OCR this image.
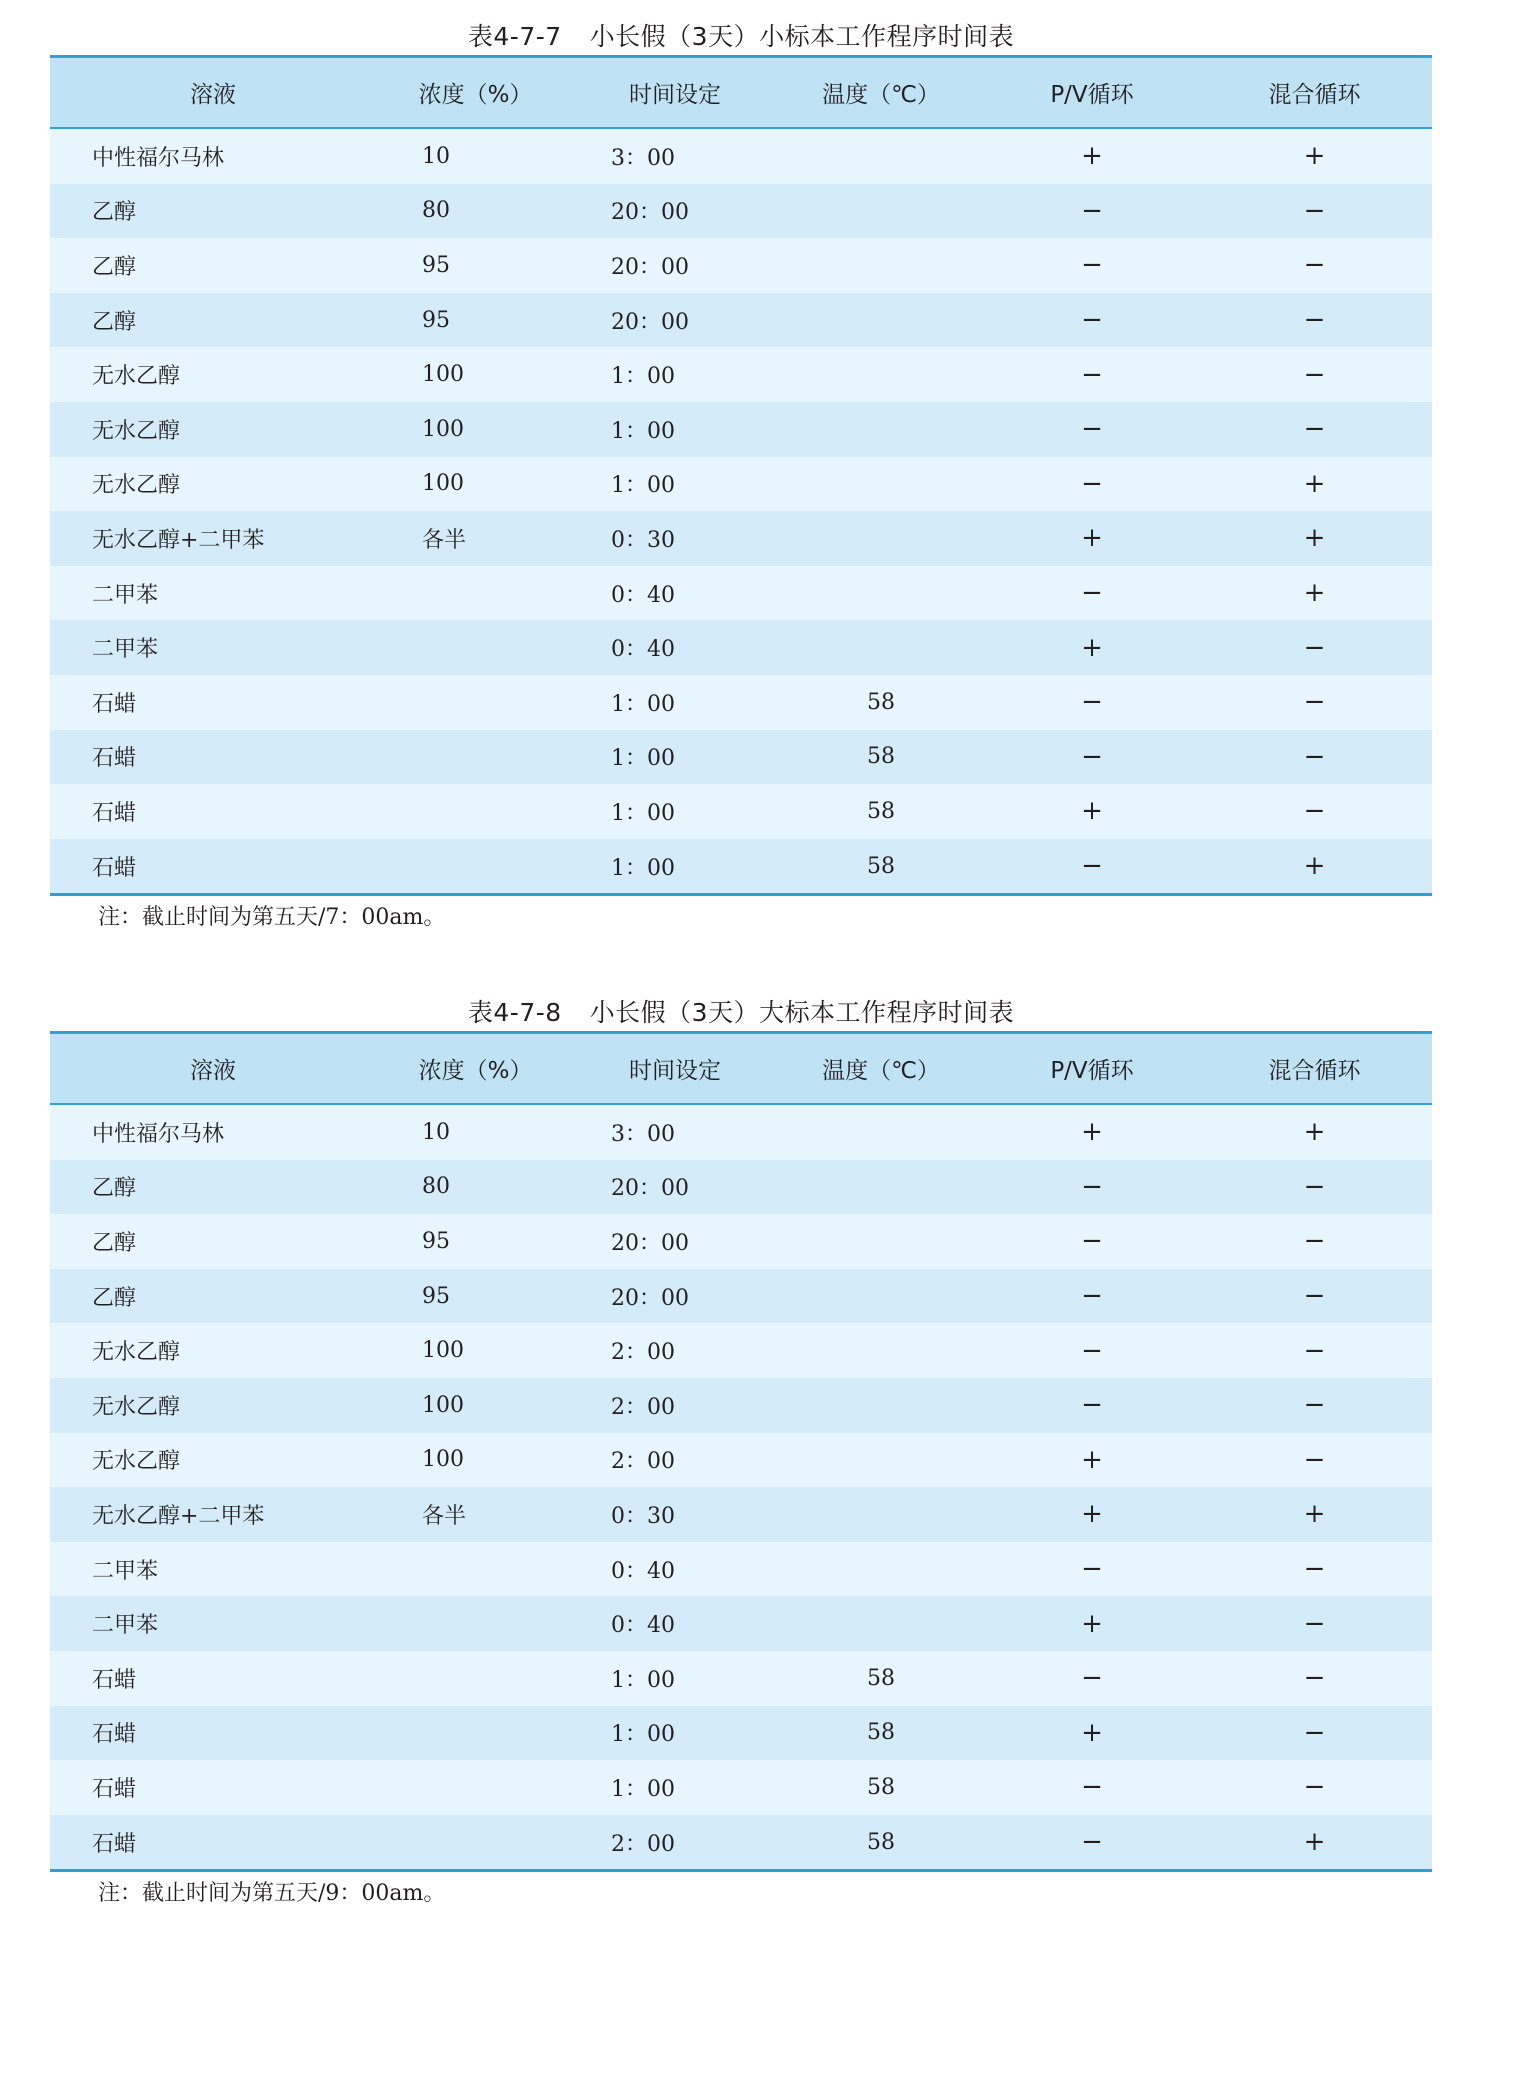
表4-7-7 小长假（3天）小标本工作程序时间表
溶液	浓度（%）	时间设定	温度（℃）	P/V循环	混合循环
中性福尔马林	10	3：00		+	+
乙醇	80	20：00		−	−
乙醇	95	20：00		−	−
乙醇	95	20：00		−	−
无水乙醇	100	1：00		−	−
无水乙醇	100	1：00		−	−
无水乙醇	100	1：00		−	+
无水乙醇+二甲苯	各半	0：30		+	+
二甲苯		0：40		−	+
二甲苯		0：40		+	−
石蜡		1：00	58	−	−
石蜡		1：00	58	−	−
石蜡		1：00	58	+	−
石蜡		1：00	58	−	+
注：截止时间为第五天/7：00am。
表4-7-8 小长假（3天）大标本工作程序时间表
溶液	浓度（%）	时间设定	温度（℃）	P/V循环	混合循环
中性福尔马林	10	3：00		+	+
乙醇	80	20：00		−	−
乙醇	95	20：00		−	−
乙醇	95	20：00		−	−
无水乙醇	100	2：00		−	−
无水乙醇	100	2：00		−	−
无水乙醇	100	2：00		+	−
无水乙醇+二甲苯	各半	0：30		+	+
二甲苯		0：40		−	−
二甲苯		0：40		+	−
石蜡		1：00	58	−	−
石蜡		1：00	58	+	−
石蜡		1：00	58	−	−
石蜡		2：00	58	−	+
注：截止时间为第五天/9：00am。
